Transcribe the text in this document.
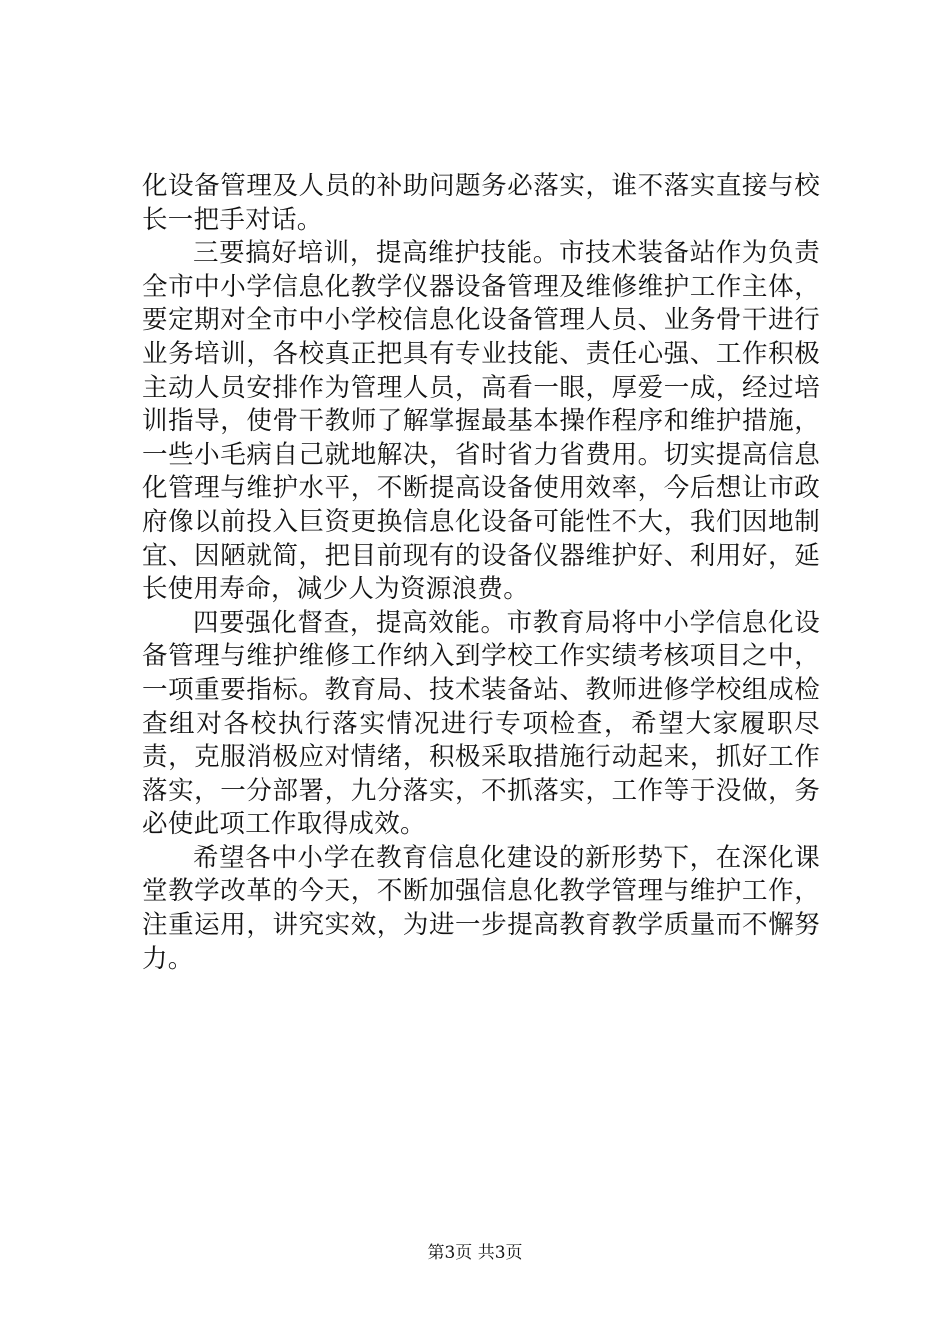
化设备管理及人员的补助问题务必落实，谁不落实直接与校长一把手对话。

三要搞好培训，提高维护技能。市技术装备站作为负责全市中小学信息化教学仪器设备管理及维修维护工作主体，要定期对全市中小学校信息化设备管理人员、业务骨干进行业务培训，各校真正把具有专业技能、责任心强、工作积极主动人员安排作为管理人员，高看一眼，厚爱一成，经过培训指导，使骨干教师了解掌握最基本操作程序和维护措施，一些小毛病自己就地解决，省时省力省费用。切实提高信息化管理与维护水平，不断提高设备使用效率，今后想让市政府像以前投入巨资更换信息化设备可能性不大，我们因地制宜、因陋就简，把目前现有的设备仪器维护好、利用好，延长使用寿命，减少人为资源浪费。

四要强化督查，提高效能。市教育局将中小学信息化设备管理与维护维修工作纳入到学校工作实绩考核项目之中，一项重要指标。教育局、技术装备站、教师进修学校组成检查组对各校执行落实情况进行专项检查，希望大家履职尽责，克服消极应对情绪，积极采取措施行动起来，抓好工作落实，一分部署，九分落实，不抓落实，工作等于没做，务必使此项工作取得成效。

希望各中小学在教育信息化建设的新形势下，在深化课堂教学改革的今天，不断加强信息化教学管理与维护工作，注重运用，讲究实效，为进一步提高教育教学质量而不懈努力。

第3页 共3页
